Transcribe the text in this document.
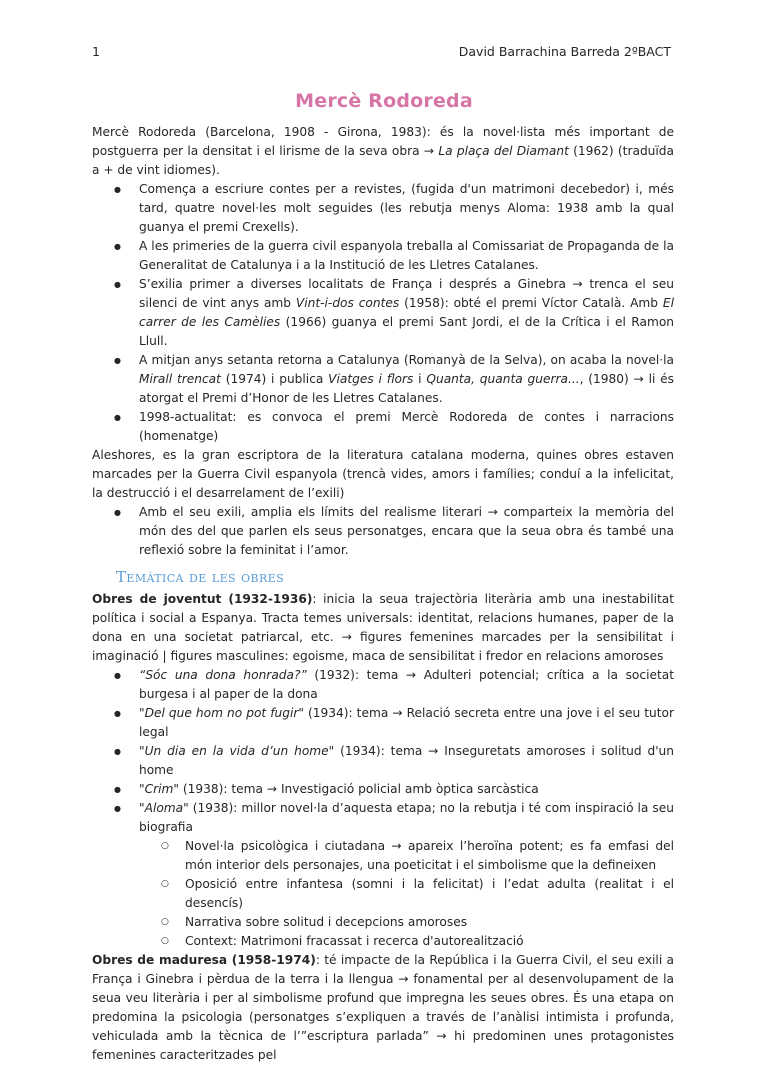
1	David Barrachina Barreda 2ºBACT
Mercè Rodoreda

Mercè Rodoreda (Barcelona, 1908 - Girona, 1983): és la novel·lista més important de postguerra per la densitat i el lirisme de la seva obra → La plaça del Diamant (1962) (traduïda a + de vint idiomes).

● Comença a escriure contes per a revistes, (fugida d'un matrimoni decebedor) i, més tard, quatre novel·les molt seguides (les rebutja menys Aloma: 1938 amb la qual guanya el premi Crexells).
● A les primeries de la guerra civil espanyola treballa al Comissariat de Propaganda de la Generalitat de Catalunya i a la Institució de les Lletres Catalanes.
● S’exilia primer a diverses localitats de França i després a Ginebra → trenca el seu silenci de vint anys amb Vint-i-dos contes (1958): obté el premi Víctor Català. Amb El carrer de les Camèlies (1966) guanya el premi Sant Jordi, el de la Crítica i el Ramon Llull.
● A mitjan anys setanta retorna a Catalunya (Romanyà de la Selva), on acaba la novel·la Mirall trencat (1974) i publica Viatges i flors i Quanta, quanta guerra..., (1980) → li és atorgat el Premi d’Honor de les Lletres Catalanes.
● 1998-actualitat: es convoca el premi Mercè Rodoreda de contes i narracions (homenatge)

Aleshores, es la gran escriptora de la literatura catalana moderna, quines obres estaven marcades per la Guerra Civil espanyola (trencà vides, amors i famílies; conduí a la infelicitat, la destrucció i el desarrelament de l’exili)

● Amb el seu exili, amplia els límits del realisme literari → comparteix la memòria del món des del que parlen els seus personatges, encara que la seua obra és també una reflexió sobre la feminitat i l’amor.
Temàtica de les obres

Obres de joventut (1932-1936): inicia la seua trajectòria literària amb una inestabilitat política i social a Espanya. Tracta temes universals: identitat, relacions humanes, paper de la dona en una societat patriarcal, etc. → figures femenines marcades per la sensibilitat i imaginació | figures masculines: egoisme, maca de sensibilitat i fredor en relacions amoroses

● “Sóc una dona honrada?” (1932): tema → Adulteri potencial; crítica a la societat burgesa i al paper de la dona
● "Del que hom no pot fugir" (1934): tema → Relació secreta entre una jove i el seu tutor legal
● "Un dia en la vida d’un home" (1934): tema → Inseguretats amoroses i solitud d'un home
● "Crim" (1938): tema → Investigació policial amb òptica sarcàstica
● "Aloma" (1938): millor novel·la d’aquesta etapa; no la rebutja i té com inspiració la seu biografia
○ Novel·la psicològica i ciutadana → apareix l’heroïna potent; es fa emfasi del món interior dels personajes, una poeticitat i el simbolisme que la defineixen
○ Oposició entre infantesa (somni i la felicitat) i l’edat adulta (realitat i el desencís)
○ Narrativa sobre solitud i decepcions amoroses
○ Context: Matrimoni fracassat i recerca d'autorealització

Obres de maduresa (1958-1974): té impacte de la República i la Guerra Civil, el seu exili a França i Ginebra i pèrdua de la terra i la llengua → fonamental per al desenvolupament de la seua veu literària i per al simbolisme profund que impregna les seues obres. És una etapa on predomina la psicologia (personatges s’expliquen a través de l’anàlisi intimista i profunda, vehiculada amb la tècnica de l’”escriptura parlada” → hi predominen unes protagonistes femenines caracteritzades pel
